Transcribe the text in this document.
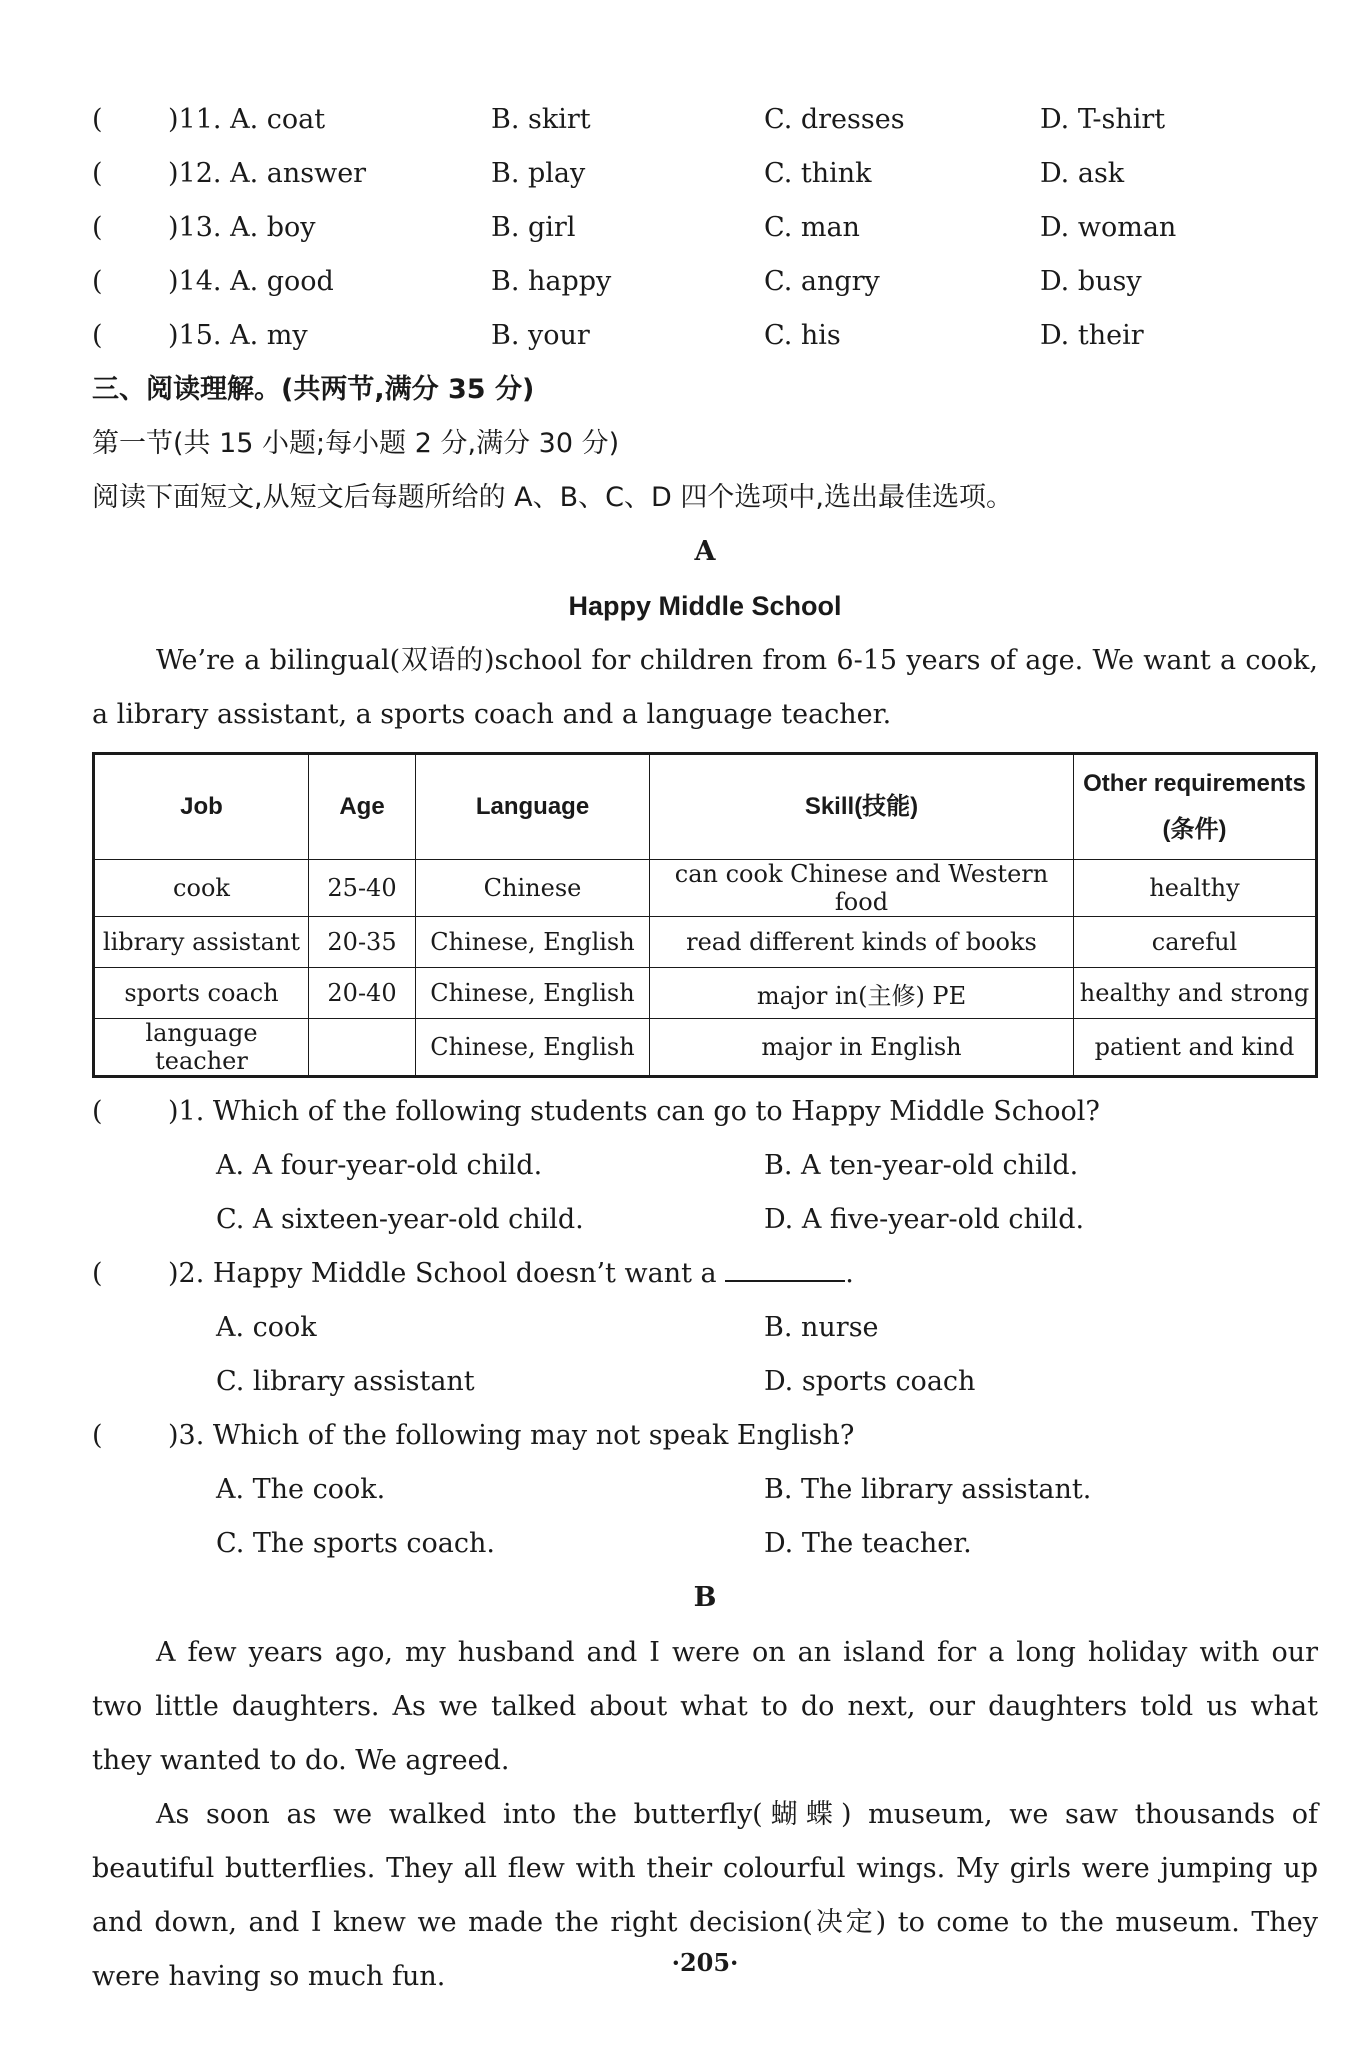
( )11. A. coat	B. skirt	C. dresses	D. T-shirt
( )12. A. answer	B. play	C. think	D. ask
( )13. A. boy	B. girl	C. man	D. woman
( )14. A. good	B. happy	C. angry	D. busy
( )15. A. my	B. your	C. his	D. their
三、阅读理解。(共两节,满分 35 分)
第一节(共 15 小题;每小题 2 分,满分 30 分)
阅读下面短文,从短文后每题所给的 A、B、C、D 四个选项中,选出最佳选项。
A
Happy Middle School
We’re a bilingual(双语的)school for children from 6-15 years of age. We want a cook, a library assistant, a sports coach and a language teacher.
Job	Age	Language	Skill(技能)	Other requirements
(条件)
cook	25-40	Chinese	can cook Chinese and Western food	healthy
library assistant	20-35	Chinese, English	read different kinds of books	careful
sports coach	20-40	Chinese, English	major in(主修) PE	healthy and strong
language teacher		Chinese, English	major in English	patient and kind
( )1. Which of the following students can go to Happy Middle School?
A. A four-year-old child.	B. A ten-year-old child.
C. A sixteen-year-old child.	D. A five-year-old child.
( )2. Happy Middle School doesn’t want a	.
A. cook	B. nurse
C. library assistant	D. sports coach
( )3. Which of the following may not speak English?
A. The cook.	B. The library assistant.
C. The sports coach.	D. The teacher.
B
A few years ago, my husband and I were on an island for a long holiday with our two little daughters. As we talked about what to do next, our daughters told us what they wanted to do. We agreed.
As soon as we walked into the butterfly(蝴蝶) museum, we saw thousands of beautiful butterflies. They all flew with their colourful wings. My girls were jumping up and down, and I knew we made the right decision(决定) to come to the museum. They were having so much fun.	·205·
